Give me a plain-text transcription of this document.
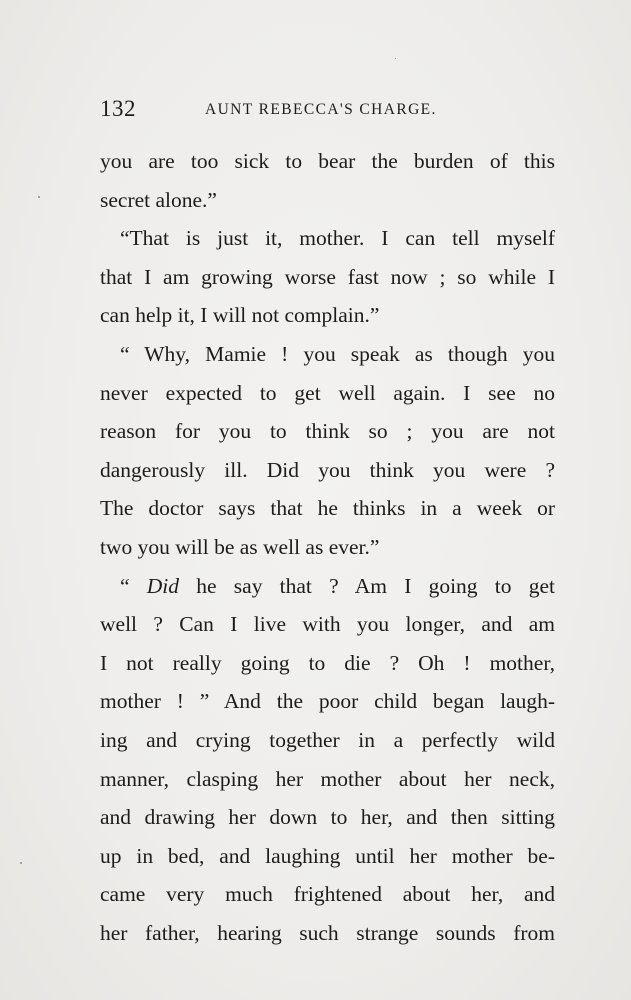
132	AUNT REBECCA'S CHARGE.
you are too sick to bear the burden of this
secret alone.”
“That is just it, mother. I can tell myself
that I am growing worse fast now ; so while I
can help it, I will not complain.”
“ Why, Mamie ! you speak as though you
never expected to get well again. I see no
reason for you to think so ; you are not
dangerously ill. Did you think you were ?
The doctor says that he thinks in a week or
two you will be as well as ever.”
“ Did he say that ? Am I going to get
well ? Can I live with you longer, and am
I not really going to die ? Oh ! mother,
mother ! ” And the poor child began laugh-
ing and crying together in a perfectly wild
manner, clasping her mother about her neck,
and drawing her down to her, and then sitting
up in bed, and laughing until her mother be-
came very much frightened about her, and
her father, hearing such strange sounds from
